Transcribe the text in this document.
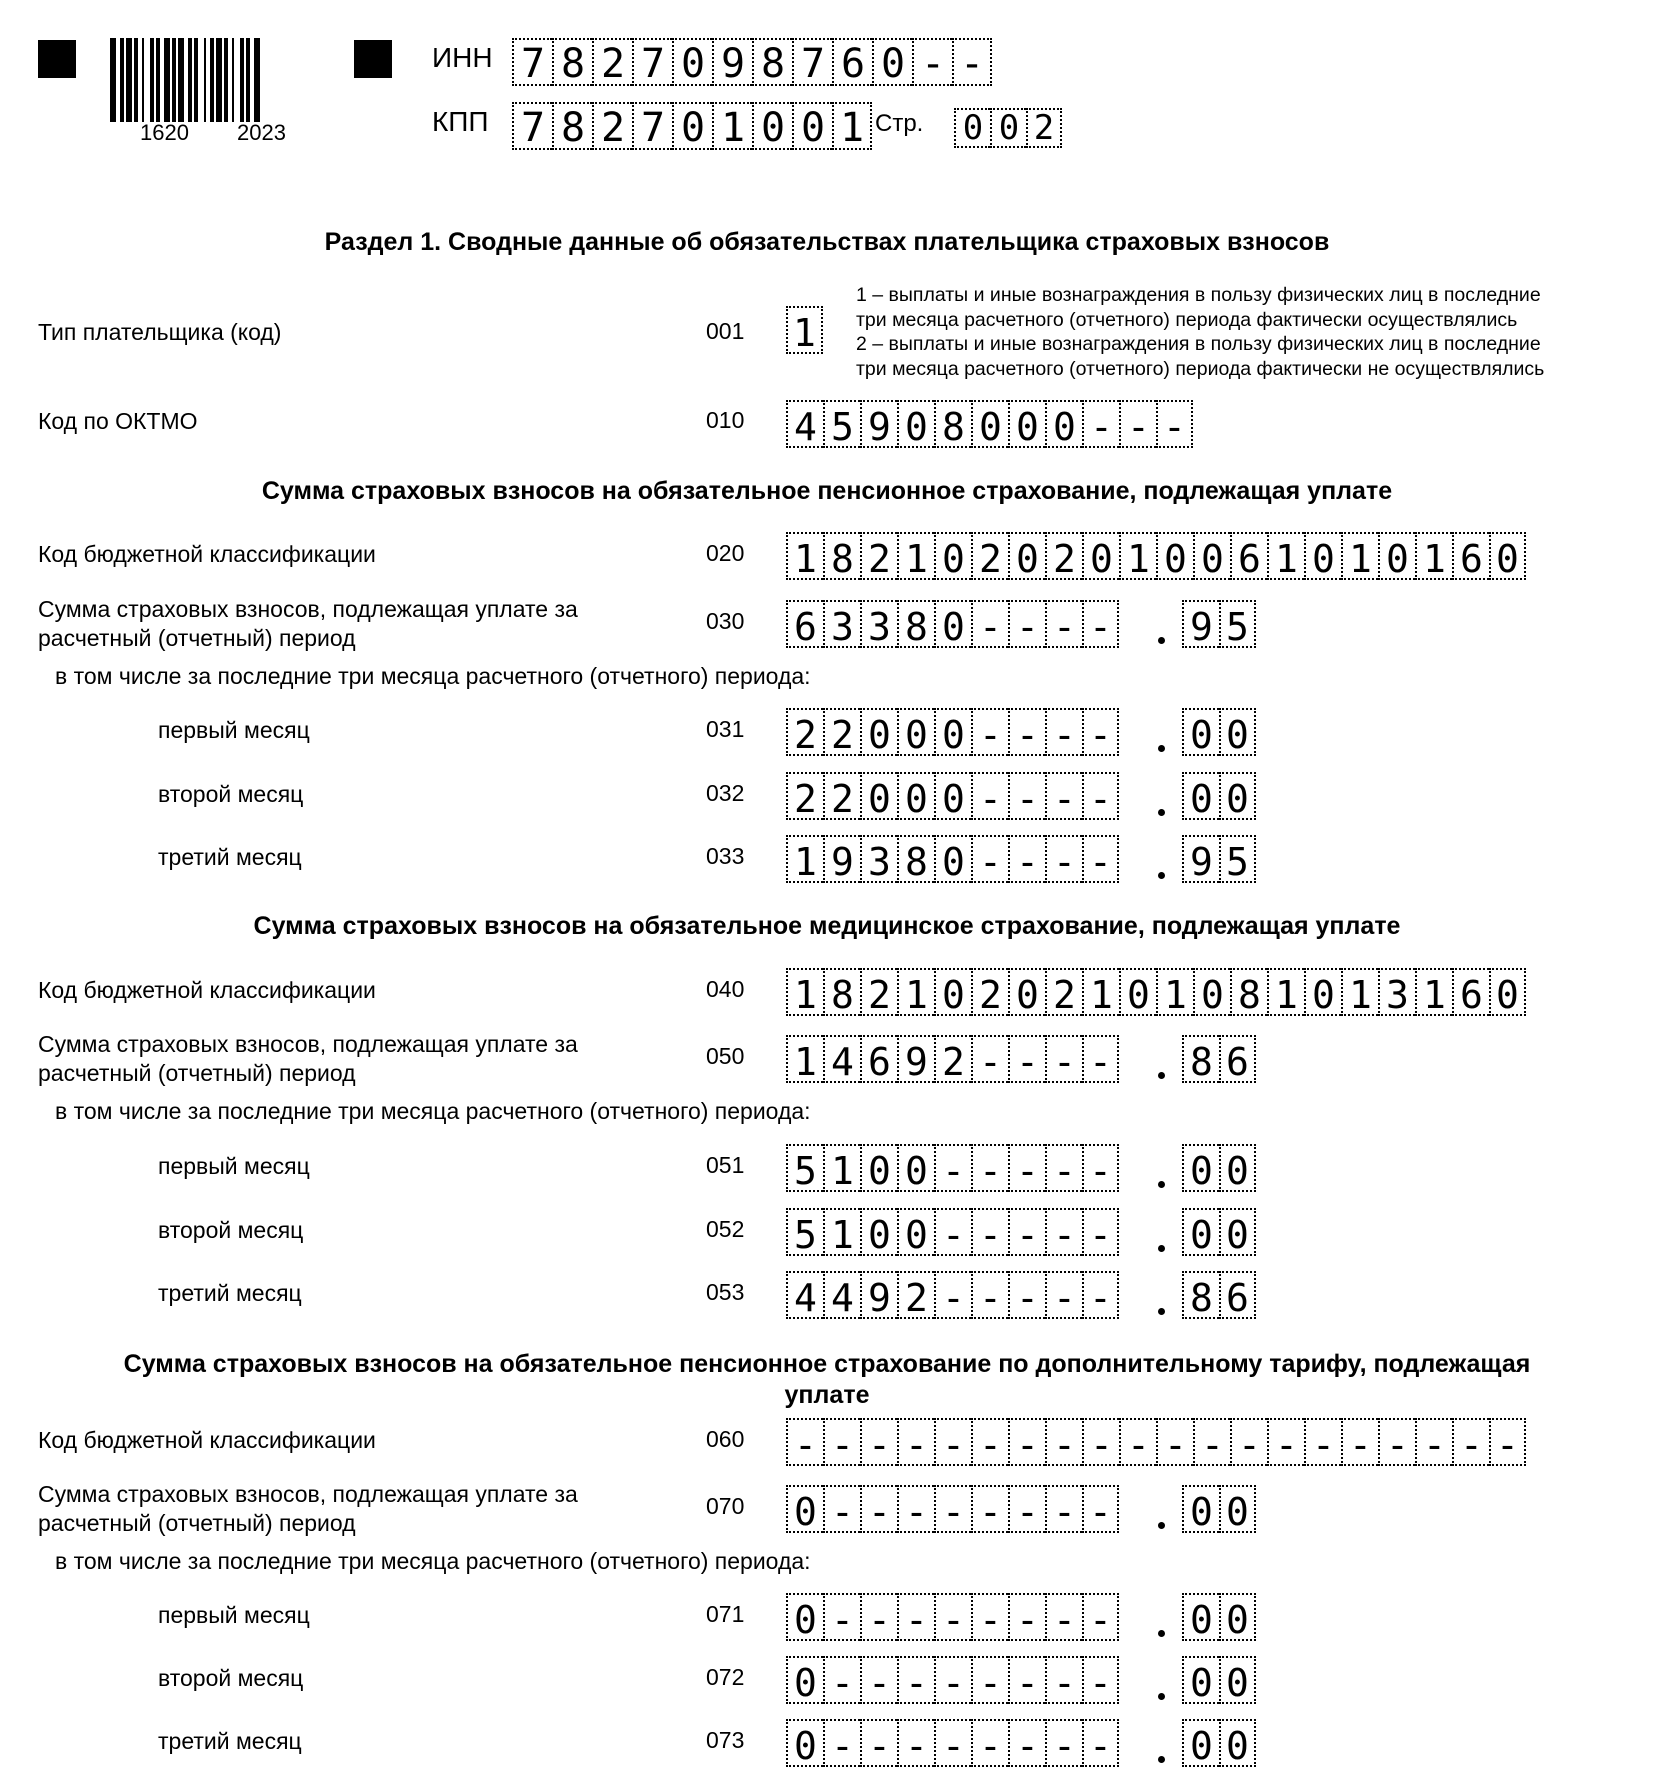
1620 2023
ИНН 7 8 2 7 0 9 8 7 6 0 - -
КПП 7 8 2 7 0 1 0 0 1 Стр. 0 0 2
Раздел 1. Сводные данные об обязательствах плательщика страховых взносов
Тип плательщика (код)	001 1
1 – выплаты и иные вознаграждения в пользу физических лиц в последние
три месяца расчетного (отчетного) периода фактически осуществлялись
2 – выплаты и иные вознаграждения в пользу физических лиц в последние
три месяца расчетного (отчетного) периода фактически не осуществлялись
Код по ОКТМО	010 4 5 9 0 8 0 0 0 - - -
Сумма страховых взносов на обязательное пенсионное страхование, подлежащая уплате
Код бюджетной классификации	020 1 8 2 1 0 2 0 2 0 1 0 0 6 1 0 1 0 1 6 0
Сумма страховых взносов, подлежащая уплате за
расчетный (отчетный) период
030 6 3 3 8 0 - - - - 9 5
в том числе за последние три месяца расчетного (отчетного) периода:
первый месяц	031 2 2 0 0 0 - - - - 0 0
второй месяц	032 2 2 0 0 0 - - - - 0 0
третий месяц	033 1 9 3 8 0 - - - - 9 5
Сумма страховых взносов на обязательное медицинское страхование, подлежащая уплате
Код бюджетной классификации	040 1 8 2 1 0 2 0 2 1 0 1 0 8 1 0 1 3 1 6 0
Сумма страховых взносов, подлежащая уплате за
расчетный (отчетный) период
050 1 4 6 9 2 - - - - 8 6
в том числе за последние три месяца расчетного (отчетного) периода:
первый месяц	051 5 1 0 0 - - - - - 0 0
второй месяц	052 5 1 0 0 - - - - - 0 0
третий месяц	053 4 4 9 2 - - - - - 8 6
Сумма страховых взносов на обязательное пенсионное страхование по дополнительному тарифу, подлежащая
уплате
Код бюджетной классификации	060 - - - - - - - - - - - - - - - - - - - -
Сумма страховых взносов, подлежащая уплате за
расчетный (отчетный) период
070 0 - - - - - - - - 0 0
в том числе за последние три месяца расчетного (отчетного) периода:
первый месяц	071 0 - - - - - - - - 0 0
второй месяц	072 0 - - - - - - - - 0 0
третий месяц	073 0 - - - - - - - - 0 0
